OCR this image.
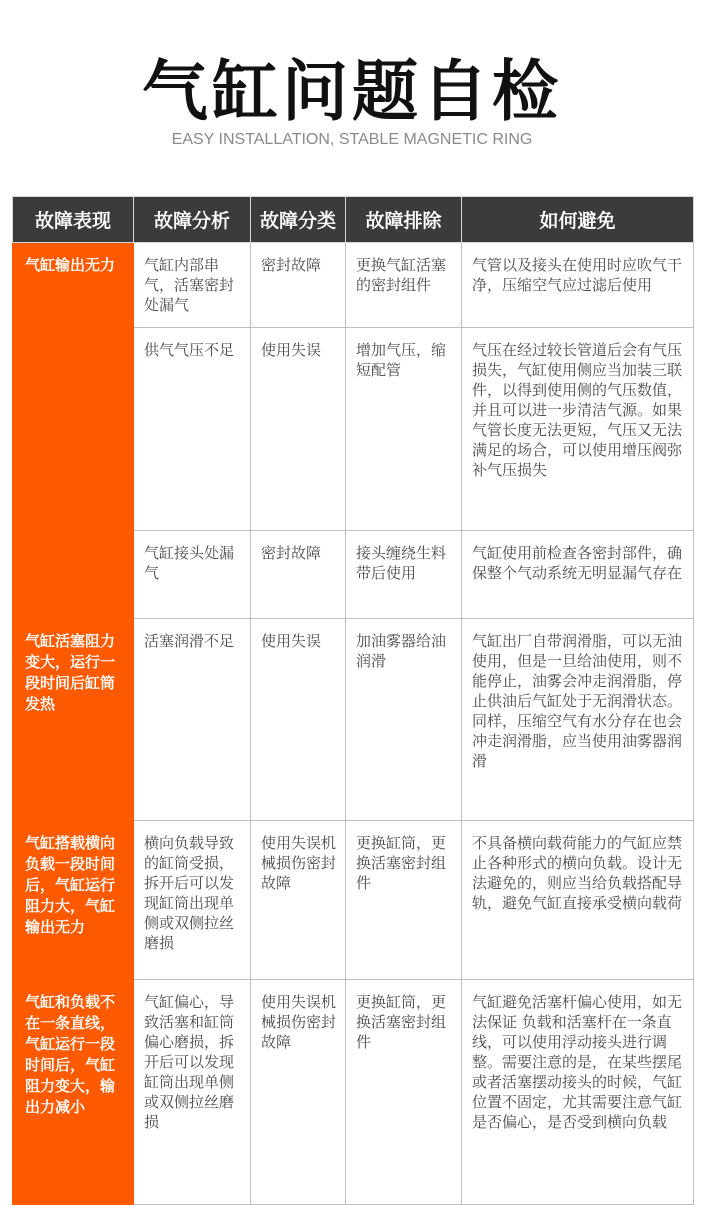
气缸问题自检
EASY INSTALLATION, STABLE MAGNETIC RING
故障表现	故障分析	故障分类	故障排除	如何避免
气缸输出无力	气缸内部串气，活塞密封处漏气	密封故障	更换气缸活塞的密封组件	气管以及接头在使用时应吹气干净，压缩空气应过滤后使用
	供气气压不足	使用失误	增加气压，缩短配管	气压在经过较长管道后会有气压损失，气缸使用侧应当加装三联件，以得到使用侧的气压数值，并且可以进一步清洁气源。如果气管长度无法更短，气压又无法满足的场合，可以使用增压阀弥补气压损失
	气缸接头处漏气	密封故障	接头缠绕生料带后使用	气缸使用前检查各密封部件，确保整个气动系统无明显漏气存在
气缸活塞阻力变大，运行一段时间后缸筒发热	活塞润滑不足	使用失误	加油雾器给油润滑	气缸出厂自带润滑脂，可以无油使用，但是一旦给油使用，则不能停止，油雾会冲走润滑脂，停止供油后气缸处于无润滑状态。同样，压缩空气有水分存在也会冲走润滑脂，应当使用油雾器润滑
气缸搭载横向负载一段时间后，气缸运行阻力大，气缸输出无力	横向负载导致的缸筒受损，拆开后可以发现缸筒出现单侧或双侧拉丝磨损	使用失误机械损伤密封故障	更换缸筒，更换活塞密封组件	不具备横向载荷能力的气缸应禁止各种形式的横向负载。设计无法避免的，则应当给负载搭配导轨，避免气缸直接承受横向载荷
气缸和负载不在一条直线，气缸运行一段时间后，气缸阻力变大，输出力减小	气缸偏心，导致活塞和缸筒偏心磨损，拆开后可以发现缸筒出现单侧或双侧拉丝磨损	使用失误机械损伤密封故障	更换缸筒，更换活塞密封组件	气缸避免活塞杆偏心使用，如无法保证 负载和活塞杆在一条直线，可以使用浮动接头进行调整。需要注意的是，在某些摆尾或者活塞摆动接头的时候，气缸位置不固定，尤其需要注意气缸是否偏心，是否受到横向负载
